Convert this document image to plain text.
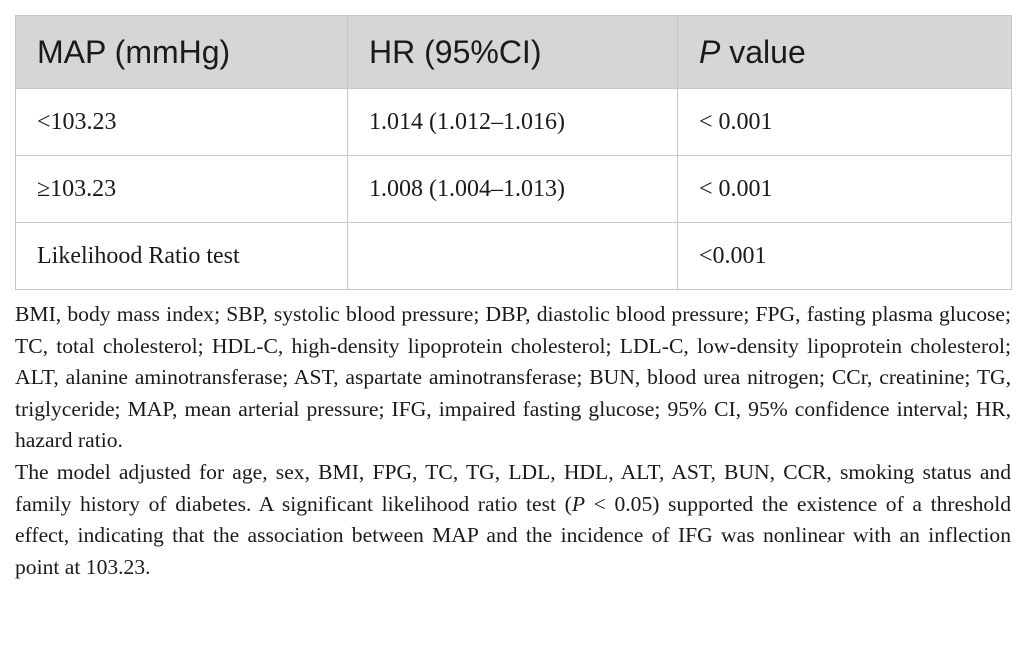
MAP (mmHg)	HR (95%CI)	P value
<103.23	1.014 (1.012–1.016)	< 0.001
≥103.23	1.008 (1.004–1.013)	< 0.001
Likelihood Ratio test		<0.001

BMI, body mass index; SBP, systolic blood pressure; DBP, diastolic blood pressure; FPG, fasting plasma glucose; TC, total cholesterol; HDL-C, high-density lipoprotein cholesterol; LDL-C, low-density lipoprotein cholesterol; ALT, alanine aminotransferase; AST, aspartate aminotransferase; BUN, blood urea nitrogen; CCr, creatinine; TG, triglyceride; MAP, mean arterial pressure; IFG, impaired fasting glucose; 95% CI, 95% confidence interval; HR, hazard ratio.

The model adjusted for age, sex, BMI, FPG, TC, TG, LDL, HDL, ALT, AST, BUN, CCR, smoking status and family history of diabetes. A significant likelihood ratio test (P < 0.05) supported the existence of a threshold effect, indicating that the association between MAP and the incidence of IFG was nonlinear with an inflection point at 103.23.
